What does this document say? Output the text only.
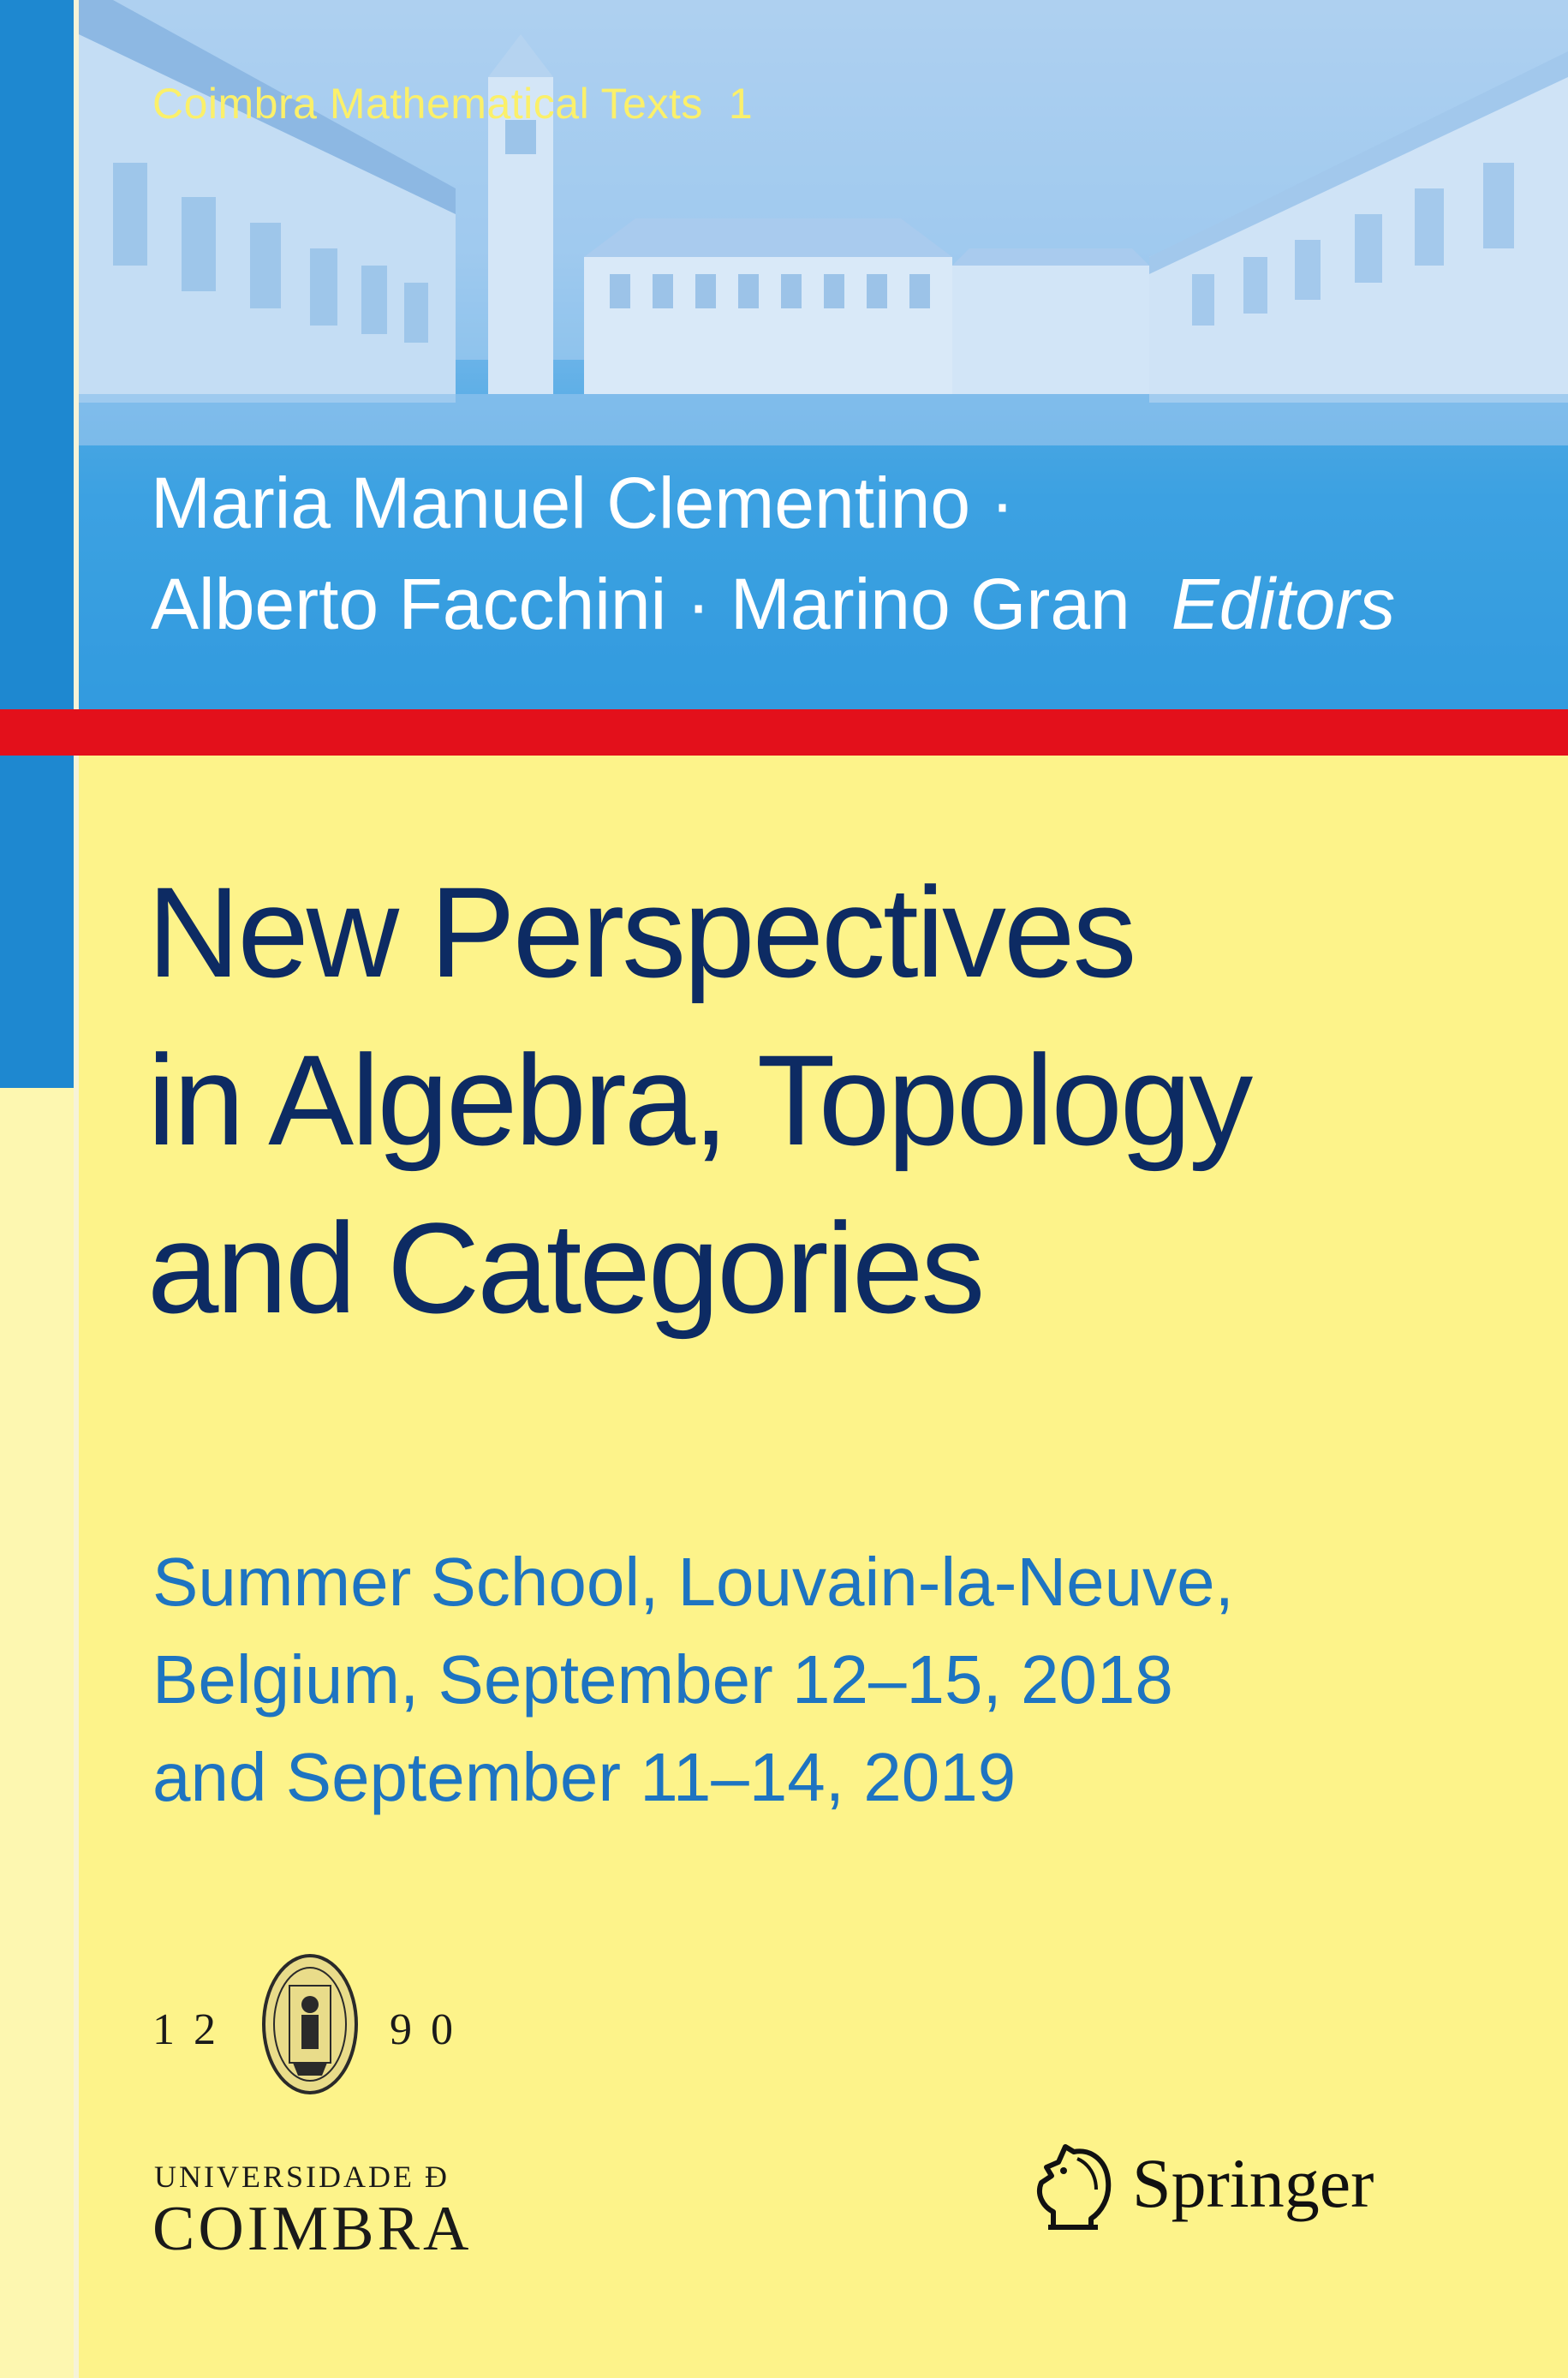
Coimbra Mathematical Texts 1
Maria Manuel Clementino ·
Alberto Facchini · Marino Gran Editors
New Perspectives
in Algebra, Topology
and Categories
Summer School, Louvain-la-Neuve,
Belgium, September 12–15, 2018
and September 11–14, 2019
12	90
UNIVERSIDADE Ð
COIMBRA
Springer
